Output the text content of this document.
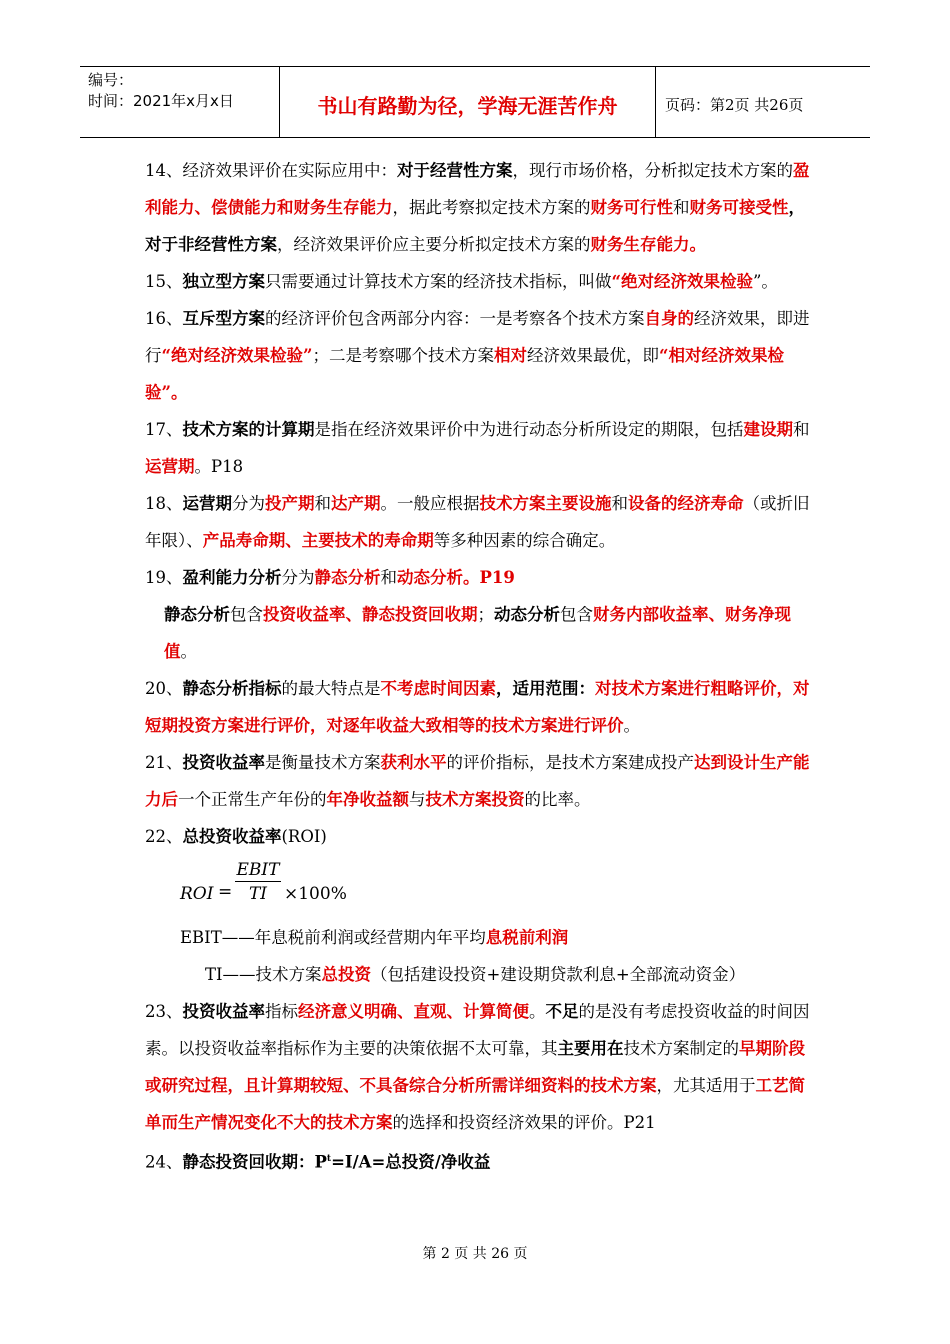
编号：
时间：2021年x月x日	书山有路勤为径，学海无涯苦作舟	页码：第2页 共26页

14、经济效果评价在实际应用中：对于经营性方案，现行市场价格，分析拟定技术方案的盈利能力、偿债能力和财务生存能力，据此考察拟定技术方案的财务可行性和财务可接受性，对于非经营性方案，经济效果评价应主要分析拟定技术方案的财务生存能力。

15、独立型方案只需要通过计算技术方案的经济技术指标，叫做“绝对经济效果检验”。16、互斥型方案的经济评价包含两部分内容：一是考察各个技术方案自身的经济效果，即进行“绝对经济效果检验”；二是考察哪个技术方案相对经济效果最优，即“相对经济效果检验”。

17、技术方案的计算期是指在经济效果评价中为进行动态分析所设定的期限，包括建设期和运营期。P18

18、运营期分为投产期和达产期。一般应根据技术方案主要设施和设备的经济寿命（或折旧年限）、产品寿命期、主要技术的寿命期等多种因素的综合确定。

19、盈利能力分析分为静态分析和动态分析。P19

静态分析包含投资收益率、静态投资回收期；动态分析包含财务内部收益率、财务净现值。

20、静态分析指标的最大特点是不考虑时间因素，适用范围：对技术方案进行粗略评价，对短期投资方案进行评价，对逐年收益大致相等的技术方案进行评价。

21、投资收益率是衡量技术方案获利水平的评价指标，是技术方案建成投产达到设计生产能力后一个正常生产年份的年净收益额与技术方案投资的比率。

22、总投资收益率(ROI)

ROI =
EBIT
TI ×100%

EBIT——年息税前利润或经营期内年平均息税前利润

TI——技术方案总投资（包括建设投资+建设期贷款利息+全部流动资金）

23、投资收益率指标经济意义明确、直观、计算简便。不足的是没有考虑投资收益的时间因素。以投资收益率指标作为主要的决策依据不太可靠，其主要用在技术方案制定的早期阶段或研究过程，且计算期较短、不具备综合分析所需详细资料的技术方案，尤其适用于工艺简单而生产情况变化不大的技术方案的选择和投资经济效果的评价。P21

24、静态投资回收期：$P^t=I/A=$总投资/净收益

第 2 页 共 26 页
